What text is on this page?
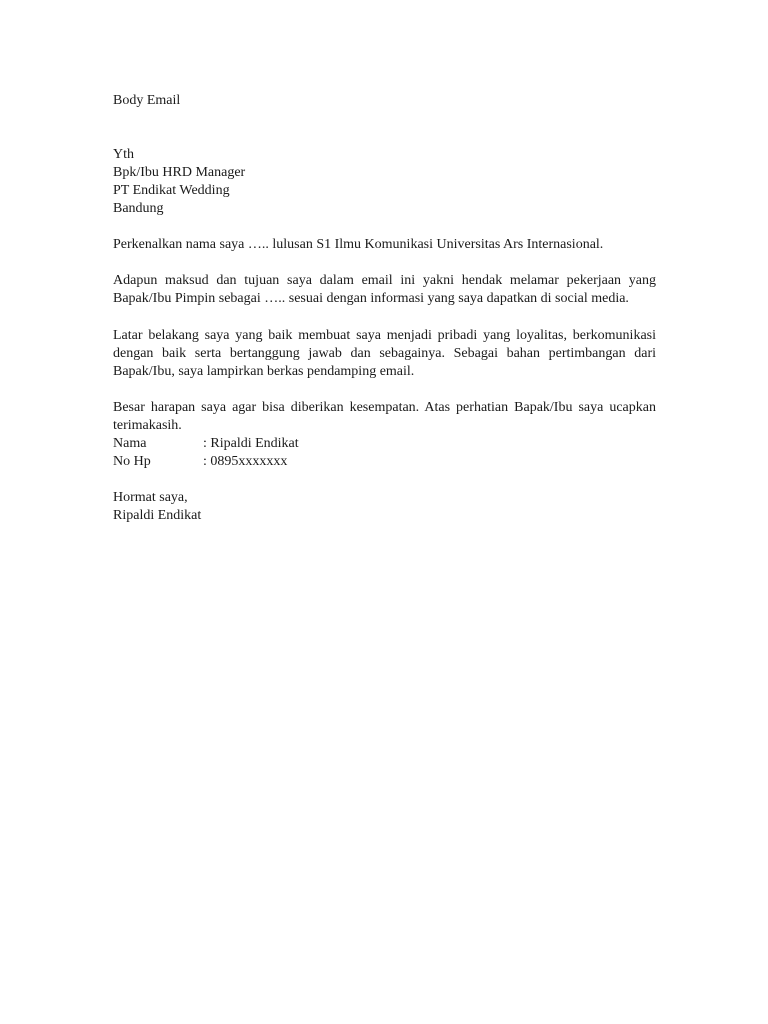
Body Email
Yth
Bpk/Ibu HRD Manager
PT Endikat Wedding
Bandung

Perkenalkan nama saya ….. lulusan S1 Ilmu Komunikasi Universitas Ars Internasional.

Adapun maksud dan tujuan saya dalam email ini yakni hendak melamar pekerjaan yang Bapak/Ibu Pimpin sebagai ….. sesuai dengan informasi yang saya dapatkan di social media.

Latar belakang saya yang baik membuat saya menjadi pribadi yang loyalitas, berkomunikasi dengan baik serta bertanggung jawab dan sebagainya. Sebagai bahan pertimbangan dari Bapak/Ibu, saya lampirkan berkas pendamping email.

Besar harapan saya agar bisa diberikan kesempatan. Atas perhatian Bapak/Ibu saya ucapkan terimakasih.

Nama	: Ripaldi Endikat
No Hp	: 0895xxxxxxx
Hormat saya,
Ripaldi Endikat
